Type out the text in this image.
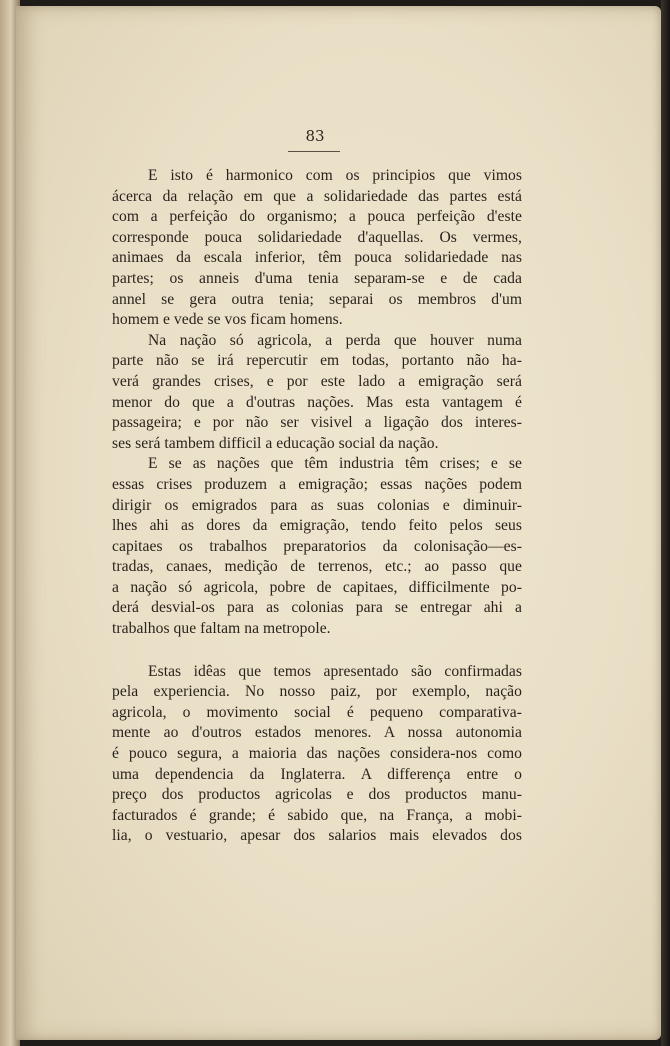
83

E isto é harmonico com os principios que vimos
ácerca da relação em que a solidariedade das partes está
com a perfeição do organismo; a pouca perfeição d'este
corresponde pouca solidariedade d'aquellas. Os vermes,
animaes da escala inferior, têm pouca solidariedade nas
partes; os anneis d'uma tenia separam-se e de cada
annel se gera outra tenia; separai os membros d'um
homem e vede se vos ficam homens.

Na nação só agricola, a perda que houver numa
parte não se irá repercutir em todas, portanto não ha-
verá grandes crises, e por este lado a emigração será
menor do que a d'outras nações. Mas esta vantagem é
passageira; e por não ser visivel a ligação dos interes-
ses será tambem difficil a educação social da nação.

E se as nações que têm industria têm crises; e se
essas crises produzem a emigração; essas nações podem
dirigir os emigrados para as suas colonias e diminuir-
lhes ahi as dores da emigração, tendo feito pelos seus
capitaes os trabalhos preparatorios da colonisação—es-
tradas, canaes, medição de terrenos, etc.; ao passo que
a nação só agricola, pobre de capitaes, difficilmente po-
derá desvial-os para as colonias para se entregar ahi a
trabalhos que faltam na metropole.

Estas idêas que temos apresentado são confirmadas
pela experiencia. No nosso paiz, por exemplo, nação
agricola, o movimento social é pequeno comparativa-
mente ao d'outros estados menores. A nossa autonomia
é pouco segura, a maioria das nações considera-nos como
uma dependencia da Inglaterra. A differença entre o
preço dos productos agricolas e dos productos manu-
facturados é grande; é sabido que, na França, a mobi-
lia, o vestuario, apesar dos salarios mais elevados dos
